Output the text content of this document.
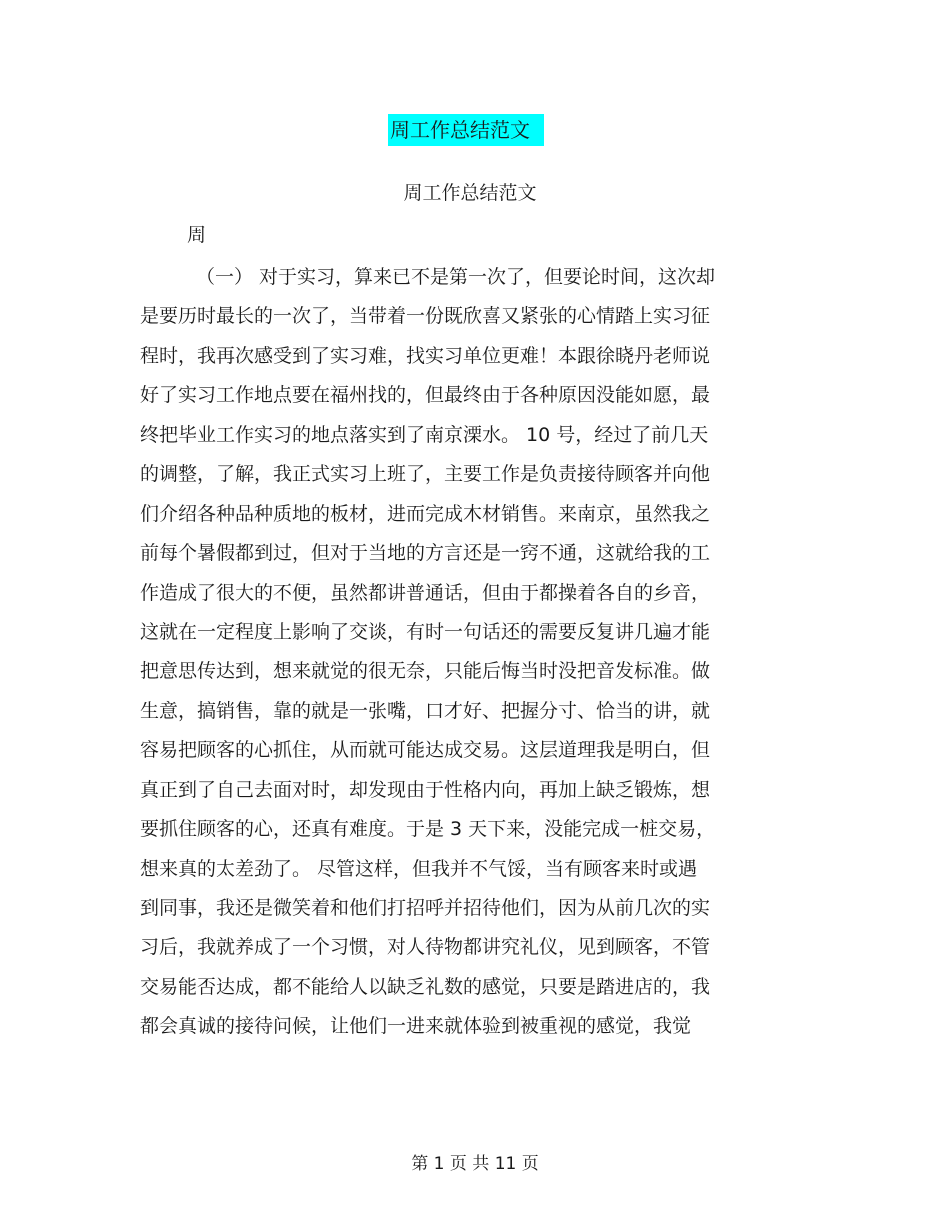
周工作总结范文
周工作总结范文
周
（一） 对于实习，算来已不是第一次了，但要论时间，这次却
是要历时最长的一次了，当带着一份既欣喜又紧张的心情踏上实习征
程时，我再次感受到了实习难，找实习单位更难！本跟徐晓丹老师说
好了实习工作地点要在福州找的，但最终由于各种原因没能如愿，最
终把毕业工作实习的地点落实到了南京溧水。 10 号，经过了前几天
的调整，了解，我正式实习上班了，主要工作是负责接待顾客并向他
们介绍各种品种质地的板材，进而完成木材销售。来南京，虽然我之
前每个暑假都到过，但对于当地的方言还是一窍不通，这就给我的工
作造成了很大的不便，虽然都讲普通话，但由于都操着各自的乡音，
这就在一定程度上影响了交谈，有时一句话还的需要反复讲几遍才能
把意思传达到，想来就觉的很无奈，只能后悔当时没把音发标准。做
生意，搞销售，靠的就是一张嘴，口才好、把握分寸、恰当的讲，就
容易把顾客的心抓住，从而就可能达成交易。这层道理我是明白，但
真正到了自己去面对时，却发现由于性格内向，再加上缺乏锻炼，想
要抓住顾客的心，还真有难度。于是 3 天下来，没能完成一桩交易，
想来真的太差劲了。 尽管这样，但我并不气馁，当有顾客来时或遇
到同事，我还是微笑着和他们打招呼并招待他们，因为从前几次的实
习后，我就养成了一个习惯，对人待物都讲究礼仪，见到顾客，不管
交易能否达成，都不能给人以缺乏礼数的感觉，只要是踏进店的，我
都会真诚的接待问候，让他们一进来就体验到被重视的感觉，我觉
第 1 页 共 11 页
